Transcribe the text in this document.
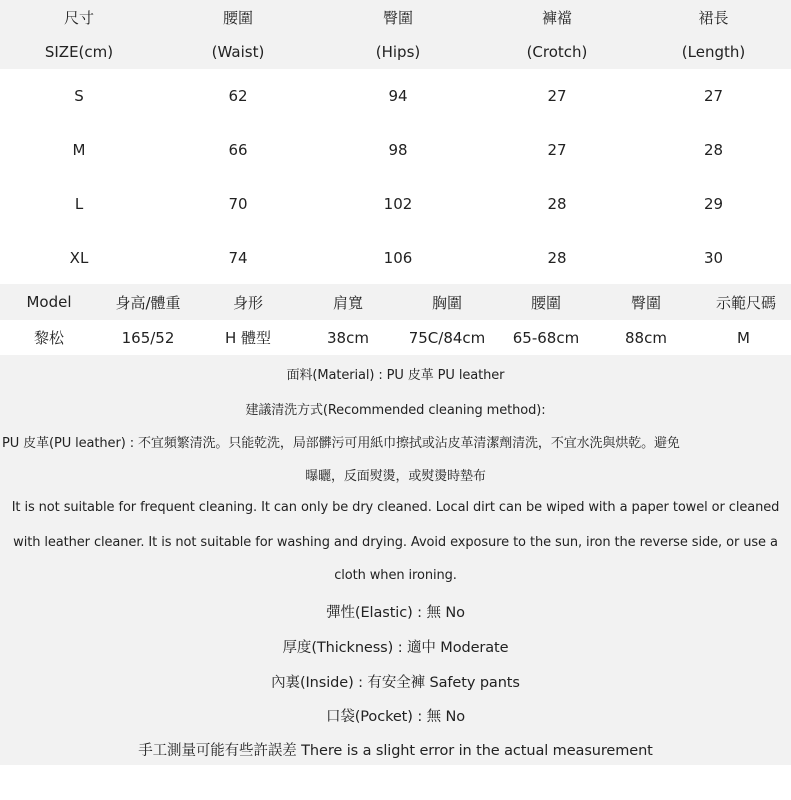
尺寸	腰圍	臀圍	褲襠	裙長
SIZE(cm)	(Waist)	(Hips)	(Crotch)	(Length)
S	62	94	27	27
M	66	98	27	28
L	70	102	28	29
XL	74	106	28	30
Model	身高/體重	身形	肩寬	胸圍	腰圍	臀圍	示範尺碼
黎松	165/52	H 體型	38cm	75C/84cm	65-68cm	88cm	M
面料(Material) : PU 皮革 PU leather
建議清洗方式(Recommended cleaning method):
PU 皮革(PU leather) : 不宜頻繁清洗。只能乾洗，局部髒污可用紙巾擦拭或沾皮革清潔劑清洗，不宜水洗與烘乾。避免
曝曬，反面熨燙，或熨燙時墊布
It is not suitable for frequent cleaning. It can only be dry cleaned. Local dirt can be wiped with a paper towel or cleaned
with leather cleaner. It is not suitable for washing and drying. Avoid exposure to the sun, iron the reverse side, or use a
cloth when ironing.
彈性(Elastic) : 無 No
厚度(Thickness) : 適中 Moderate
內裏(Inside) : 有安全褲 Safety pants
口袋(Pocket) : 無 No
手工測量可能有些許誤差 There is a slight error in the actual measurement
